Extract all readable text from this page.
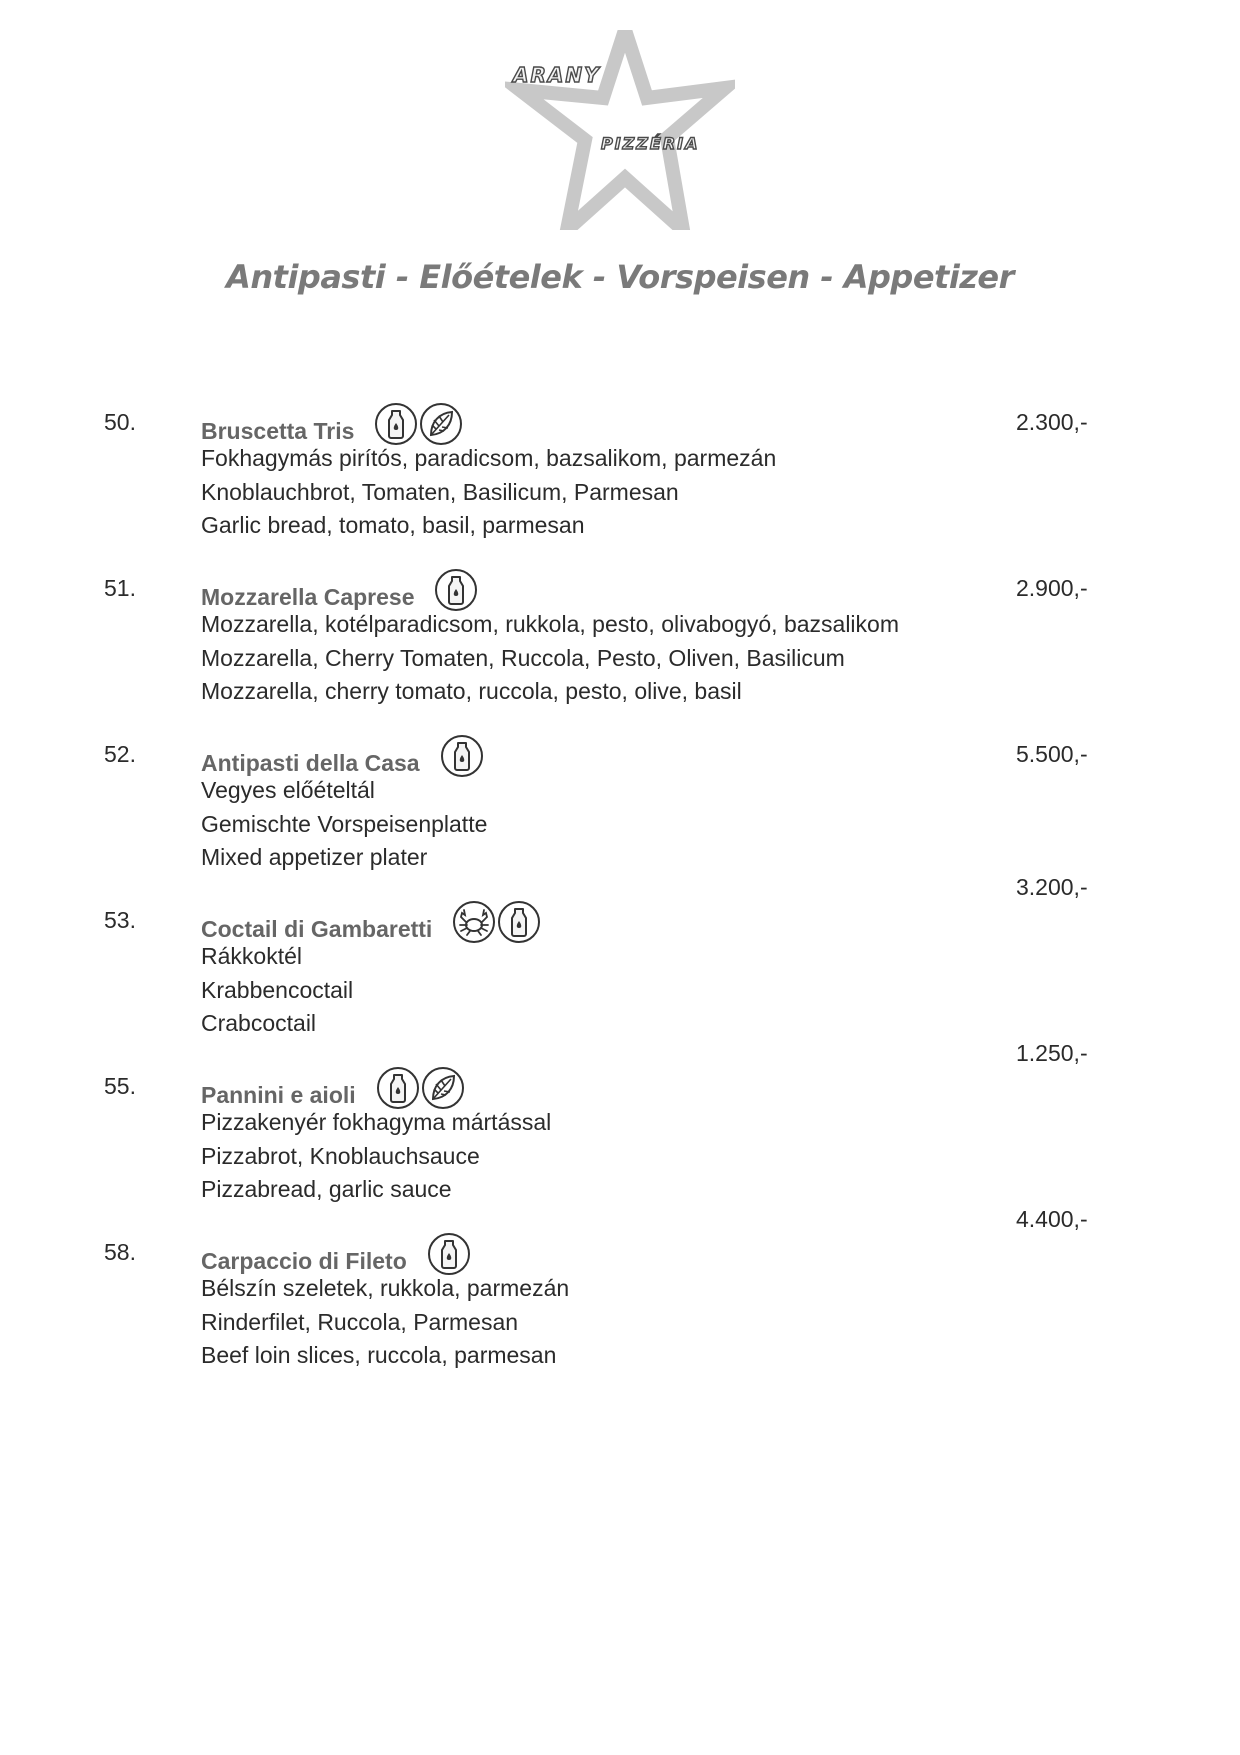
ARANY
PIZZÉRIA
Antipasti - Előételek - Vorspeisen - Appetizer
50.	Bruscetta Tris
Fokhagymás pirítós, paradicsom, bazsalikom, parmezán
Knoblauchbrot, Tomaten, Basilicum, Parmesan
Garlic bread, tomato, basil, parmesan
2.300,-
51.	Mozzarella Caprese
Mozzarella, kotélparadicsom, rukkola, pesto, olivabogyó, bazsalikom
Mozzarella, Cherry Tomaten, Ruccola, Pesto, Oliven, Basilicum
Mozzarella, cherry tomato, ruccola, pesto, olive, basil
2.900,-
52.	Antipasti della Casa
Vegyes előételtál
Gemischte Vorspeisenplatte
Mixed appetizer plater
5.500,-
53.	Coctail di Gambaretti
Rákkoktél
Krabbencoctail
Crabcoctail
3.200,-
55.	Pannini e aioli
Pizzakenyér fokhagyma mártással
Pizzabrot, Knoblauchsauce
Pizzabread, garlic sauce
1.250,-
58.	Carpaccio di Fileto
Bélszín szeletek, rukkola, parmezán
Rinderfilet, Ruccola, Parmesan
Beef loin slices, ruccola, parmesan
4.400,-
